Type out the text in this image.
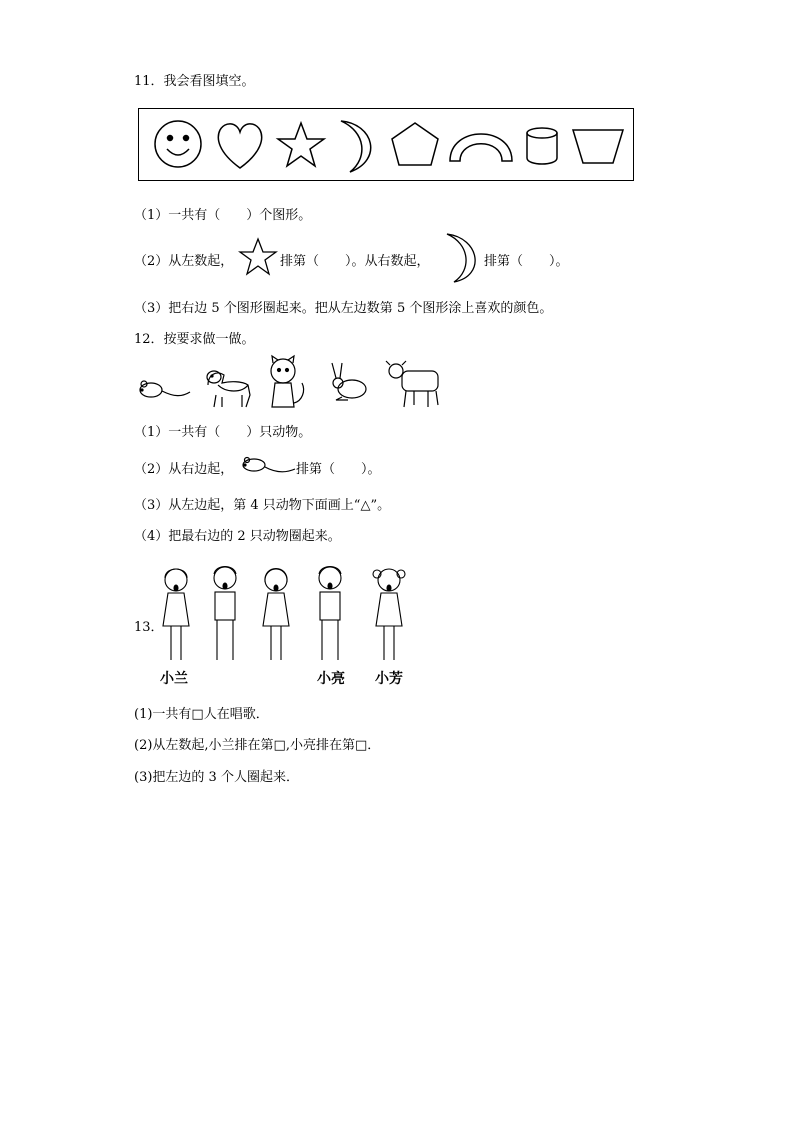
11．我会看图填空。
（1）一共有（　　）个图形。
（2）从左数起，	排第（　　）。从右数起，	排第（　　）。
（3）把右边 5 个图形圈起来。把从左边数第 5 个图形涂上喜欢的颜色。
12．按要求做一做。
（1）一共有（　　）只动物。
（2）从右边起，	排第（　　）。
（3）从左边起，第 4 只动物下面画上“△”。
（4）把最右边的 2 只动物圈起来。
13．
小兰	小亮 小芳
(1)一共有□人在唱歌．
(2)从左数起,小兰排在第□,小亮排在第□．
(3)把左边的 3 个人圈起来．
